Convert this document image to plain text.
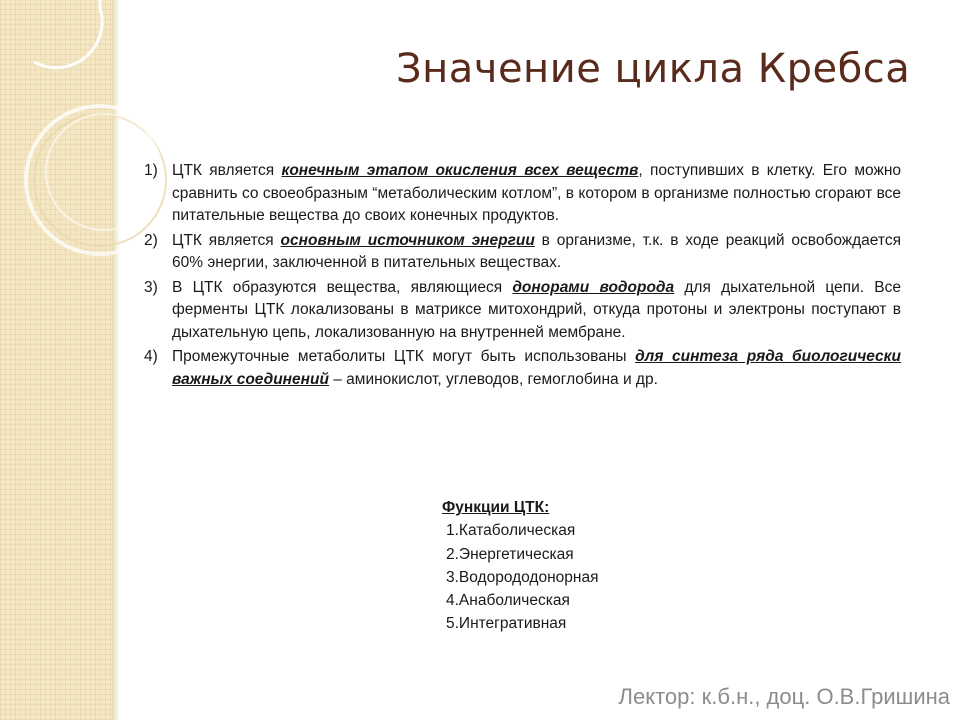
Значение цикла Кребса
1) ЦТК является конечным этапом окисления всех веществ, поступивших в клетку. Его можно сравнить со своеобразным “метаболическим котлом”, в котором в организме полностью сгорают все питательные вещества до своих конечных продуктов.
2) ЦТК является основным источником энергии в организме, т.к. в ходе реакций освобождается 60% энергии, заключенной в питательных веществах.
3) В ЦТК образуются вещества, являющиеся донорами водорода для дыхательной цепи. Все ферменты ЦТК локализованы в матриксе митохондрий, откуда протоны и электроны поступают в дыхательную цепь, локализованную на внутренней мембране.
4) Промежуточные метаболиты ЦТК могут быть использованы для синтеза ряда биологически важных соединений – аминокислот, углеводов, гемоглобина и др.
Функции ЦТК:
1.Катаболическая
2.Энергетическая
3.Водорододонорная
4.Анаболическая
5.Интегративная
Лектор: к.б.н., доц. О.В.Гришина
